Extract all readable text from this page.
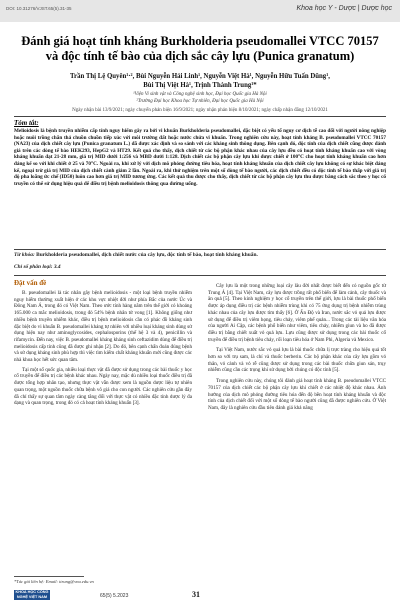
DOI: 10.31276/VJST.65(5).31-35	Khoa học Y - Dược | Dược học
Đánh giá hoạt tính kháng Burkholderia pseudomallei VTCC 70157 và độc tính tế bào của dịch sắc cây lựu (Punica granatum)
Trần Thị Lệ Quyên¹·², Bùi Nguyễn Hải Linh¹, Nguyễn Việt Hà¹, Nguyễn Hữu Tuấn Dũng¹,
Bùi Thị Việt Hà¹, Trịnh Thành Trung¹*
¹Viện Vi sinh vật và Công nghệ sinh học, Đại học Quốc gia Hà Nội
²Trường Đại học Khoa học Tự nhiên, Đại học Quốc gia Hà Nội
Ngày nhận bài 13/9/2021; ngày chuyển phản biện 16/9/2021; ngày nhận phản biện 8/10/2021; ngày chấp nhận đăng 12/10/2021
Tóm tắt:
Melioidosis là bệnh truyền nhiễm cấp tính nguy hiểm gây ra bởi vi khuẩn Burkholderia pseudomallei, đặc biệt có yếu tố nguy cơ dịch tễ cao đối với người nông nghiệp hoặc nuôi trồng chăn thả chuồn chuồn tiếp xúc với môi trường đất hoặc nước chứa vi khuẩn. Trong nghiên cứu này, hoạt tính kháng B. pseudomallei VTCC 70157 (NA23) của dịch chiết cây lựu (Punica granatum L.) đã được xác định và so sánh với các kháng sinh thông dụng. Bên cạnh đó, độc tính của dịch chiết cũng được đánh giá trên các dòng tế bào HEK293, HepG2 và HT29. Kết quả cho thấy, dịch chiết từ các bộ phận khác nhau của cây lựu đều có hoạt tính kháng khuẩn cao với vòng kháng khuẩn đạt 21-28 mm, giá trị MID dưới 1:256 và MBD dưới 1:128. Dịch chiết các bộ phận cây lựu khi được chiết ở 100°C cho hoạt tính kháng khuẩn cao hơn đáng kể so với khi chiết ở 25 và 70°C. Ngoài ra, khi xử lý với dịch mô phỏng đường tiêu hóa, hoạt tính kháng khuẩn của dịch chiết cây lựu không có sự khác biệt đáng kể, ngoại trừ giá trị MID của dịch chiết cành giảm 2 lần. Ngoài ra, khi thử nghiệm trên một số dòng tế bào người, các dịch chiết đều có độc tính tế bào thấp với giá trị độ pha loãng ức chế (ID50) luôn cao hơn giá trị MID tương ứng. Các kết quả thu được cho thấy, dịch chiết từ các bộ phận cây lựu thu được bằng cách sắc theo y học cổ truyền có thể sử dụng hiệu quả để điều trị bệnh melioidosis thông qua đường uống.
Từ khóa: Burkholderia pseudomallei, dịch chiết nước của cây lựu, độc tính tế bào, hoạt tính kháng khuẩn.
Chỉ số phân loại: 3.4
Đặt vấn đề

B. pseudomallei là tác nhân gây bệnh melioidosis - một loại bệnh truyền nhiễm nguy hiểm thường xuất hiện ở các khu vực nhiệt đới như phía Bắc của nước Úc và Đông Nam Á, trong đó có Việt Nam. Theo ước tính hàng năm trên thế giới có khoảng 165.000 ca mắc melioidosis, trong đó 54% bệnh nhân tử vong [1]. Không giống như nhiều bệnh truyền nhiễm khác, điều trị bệnh melioidosis cần có phác đồ kháng sinh đặc biệt do vi khuẩn B. pseudomallei kháng tự nhiên với nhiều loại kháng sinh dùng sử dụng hiện nay như aminoglycosides, cephalosporins (thế hệ 3 và 4), penicillin và rifamycin. Đến nay, việc B. pseudomallei kháng kháng sinh ceftazidim dùng để điều trị melioidosis cấp tính cũng đã được ghi nhận [2]. Do đó, bên cạnh chẩn đoán đúng bệnh và sử dụng kháng sinh phù hợp thì việc tìm kiếm chất kháng khuẩn mới cũng được các nhà khoa học hết sức quan tâm.

Tại một số quốc gia, nhiều loại thực vật đã được sử dụng trong các bài thuốc y học cổ truyền để điều trị các bệnh khác nhau. Ngày nay, mặc dù nhiều loại thuốc điều trị đã được tổng hợp nhân tạo, nhưng thực vật vẫn được xem là nguồn dược liệu tự nhiên quan trọng, một nguồn thuốc chữa bệnh vô giá cho con người. Các nghiên cứu gần đây đã chỉ thấy sự quan tâm ngày càng tăng đối với thực vật có nhiều đặc tính dược lý đa dạng và quan trọng, trong đó có cả hoạt tính kháng khuẩn [3].

Cây lựu là một trong những loại cây lâu đời nhất được biết đến có nguồn gốc từ Trung Á [4]. Tại Việt Nam, cây lựu được trồng rất phổ biến để làm cảnh, cây thuốc và ăn quả [5]. Theo kinh nghiệm y học cổ truyền trên thế giới, lựu là bài thuốc phổ biến được áp dụng điều trị các bệnh nhiễm trùng khi có 75 ứng dụng trị bệnh nhiễm trùng khác nhau của cây lựu được tìm thấy [6]. Ở Ấn Độ và Iran, nước sắc vỏ quả lựu được sử dụng để điều trị viêm họng, tiêu chảy, viêm phế quản... Trong các tài liệu văn hóa của người Ai Cập, các bệnh phổ biến như viêm, tiêu chảy, nhiễm giun và ho đã được điều trị bằng chiết xuất vỏ quả lựu. Lựu cũng được sử dụng trong các bài thuốc cổ truyền để điều trị bệnh tiêu chảy, rối loạn tiêu hóa ở Nam Phi, Algeria và Mexico.

Tại Việt Nam, nước sắc vỏ quả lựu là bài thuốc chữa lị trực tràng cho hiệu quả tốt hơn so với trụ sam, là chí và thuốc berberin. Các bộ phận khác của cây lựu gồm vỏ thân, vỏ cành và vỏ rễ cũng được sử dụng trong các bài thuốc chữa giun sán, trụy nhiễm cũng cần các trọng khí sử dụng bởi chúng có độc tính [5].

Trong nghiên cứu này, chúng tôi đánh giá hoạt tính kháng B. pseudomallei VTCC 70157 của dịch chiết các bộ phận cây lựu khi chiết ở các nhiệt độ khác nhau. Ảnh hưởng của dịch mô phỏng đường tiêu hóa đến độ bền hoạt tính kháng khuẩn và độc tính của dịch chiết đối với một số dòng tế bào người cũng đã được nghiên cứu. Ở Việt Nam, đây là nghiên cứu đầu tiên đánh giá khả năng

*Tác giả liên hệ: Email: ttrung@vnu.edu.vn
KHOA HỌC CÔNG NGHỆ VIỆT NAM	65(5) 5.2023	31
